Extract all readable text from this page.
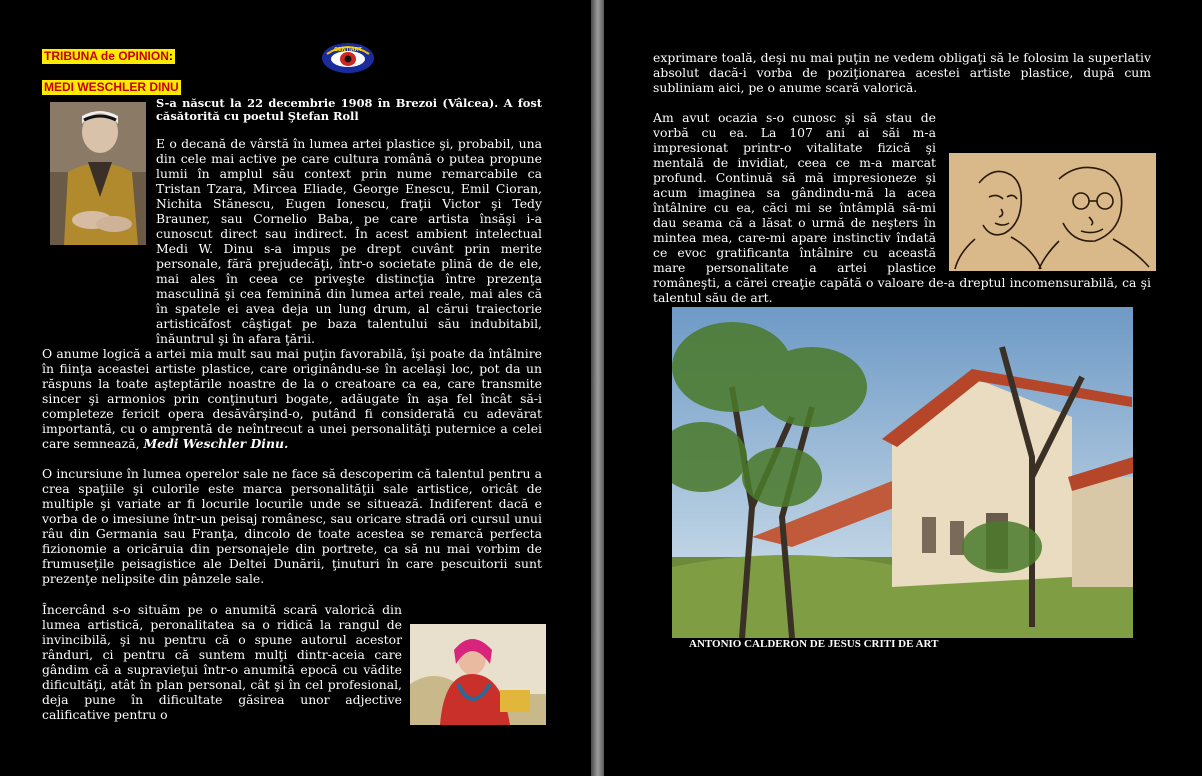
TRIBUNA de OPINION:	CENTIART
MEDI WESCHLER DINU
S-a născut la 22 decembrie 1908 în Brezoi (Vâlcea). A fost căsătorită cu poetul Ştefan Roll

E o decană de vârstă în lumea artei plastice şi, probabil, una din cele mai active pe care cultura română o putea propune lumii în amplul său context prin nume remarcabile ca Tristan Tzara, Mircea Eliade, George Enescu, Emil Cioran, Nichita Stănescu, Eugen Ionescu, fraţii Victor şi Tedy Brauner, sau Cornelio Baba, pe care artista însăşi i-a cunoscut direct sau indirect. În acest ambient intelectual Medi W. Dinu s-a impus pe drept cuvânt prin merite personale, fără prejudecăţi, într-o societate plină de de ele, mai ales în ceea ce priveşte distincţia între prezenţa masculină şi cea feminină din lumea artei reale, mai ales că în spatele ei avea deja un lung drum, al cărui traiectorie artisticăfost câştigat pe baza talentului său indubitabil, înăuntrul şi în afara ţării.

O anume logică a artei mia mult sau mai puţin favorabilă, îşi poate da întâlnire în fiinţa aceastei artiste plastice, care originându-se în acelaşi loc, pot da un răspuns la toate aşteptările noastre de la o creatoare ca ea, care transmite sincer şi armonios prin conţinuturi bogate, adăugate în aşa fel încât să-i completeze fericit opera desăvârşind-o, putând fi considerată cu adevărat importantă, cu o amprentă de neîntrecut a unei personalităţi puternice a celei care semnează, Medi Weschler Dinu.
O incursiune în lumea operelor sale ne face să descoperim că talentul pentru a crea spaţiile şi culorile este marca personalităţii sale artistice, oricât de multiple şi variate ar fi locurile locurile unde se situează. Indiferent dacă e vorba de o imesiune într-un peisaj românesc, sau oricare stradă ori cursul unui râu din Germania sau Franţa, dincolo de toate acestea se remarcă perfecta fizionomie a oricăruia din personajele din portrete, ca să nu mai vorbim de frumuseţile peisagistice ale Deltei Dunării, ţinuturi în care pescuitorii sunt prezenţe nelipsite din pânzele sale.
Încercând s-o situăm pe o anumită scară valorică din lumea artistică, peronalitatea sa o ridică la rangul de invincibilă, şi nu pentru că o spune autorul acestor rânduri, ci pentru că suntem mulţi dintr-aceia care gândim că a supravieţui într-o anumită epocă cu vădite dificultăţi, atât în plan personal, cât şi în cel profesional, deja pune în dificultate găsirea unor adjective calificative pentru o
exprimare toală, deşi nu mai puţin ne vedem obligaţi să le folosim la superlativ absolut dacă-i vorba de poziţionarea acestei artiste plastice, după cum subliniam aici, pe o anume scară valorică.
Am avut ocazia s-o cunosc şi să stau de vorbă cu ea. La 107 ani ai săi m-a impresionat printr-o vitalitate fizică şi mentală de invidiat, ceea ce m-a marcat profund. Continuă să mă impresioneze şi acum imaginea sa gândindu-mă la acea întâlnire cu ea, căci mi se întâmplă să-mi dau seama că a lăsat o urmă de neşters în mintea mea, care-mi apare instinctiv îndată ce evoc gratificanta întâlnire cu această mare personalitate a artei plastice româneşti, a cărei creaţie capătă o valoare de-a dreptul incomensurabilă, ca şi talentul său de art.
ANTONIO CALDERON DE JESUS CRITI DE ART
